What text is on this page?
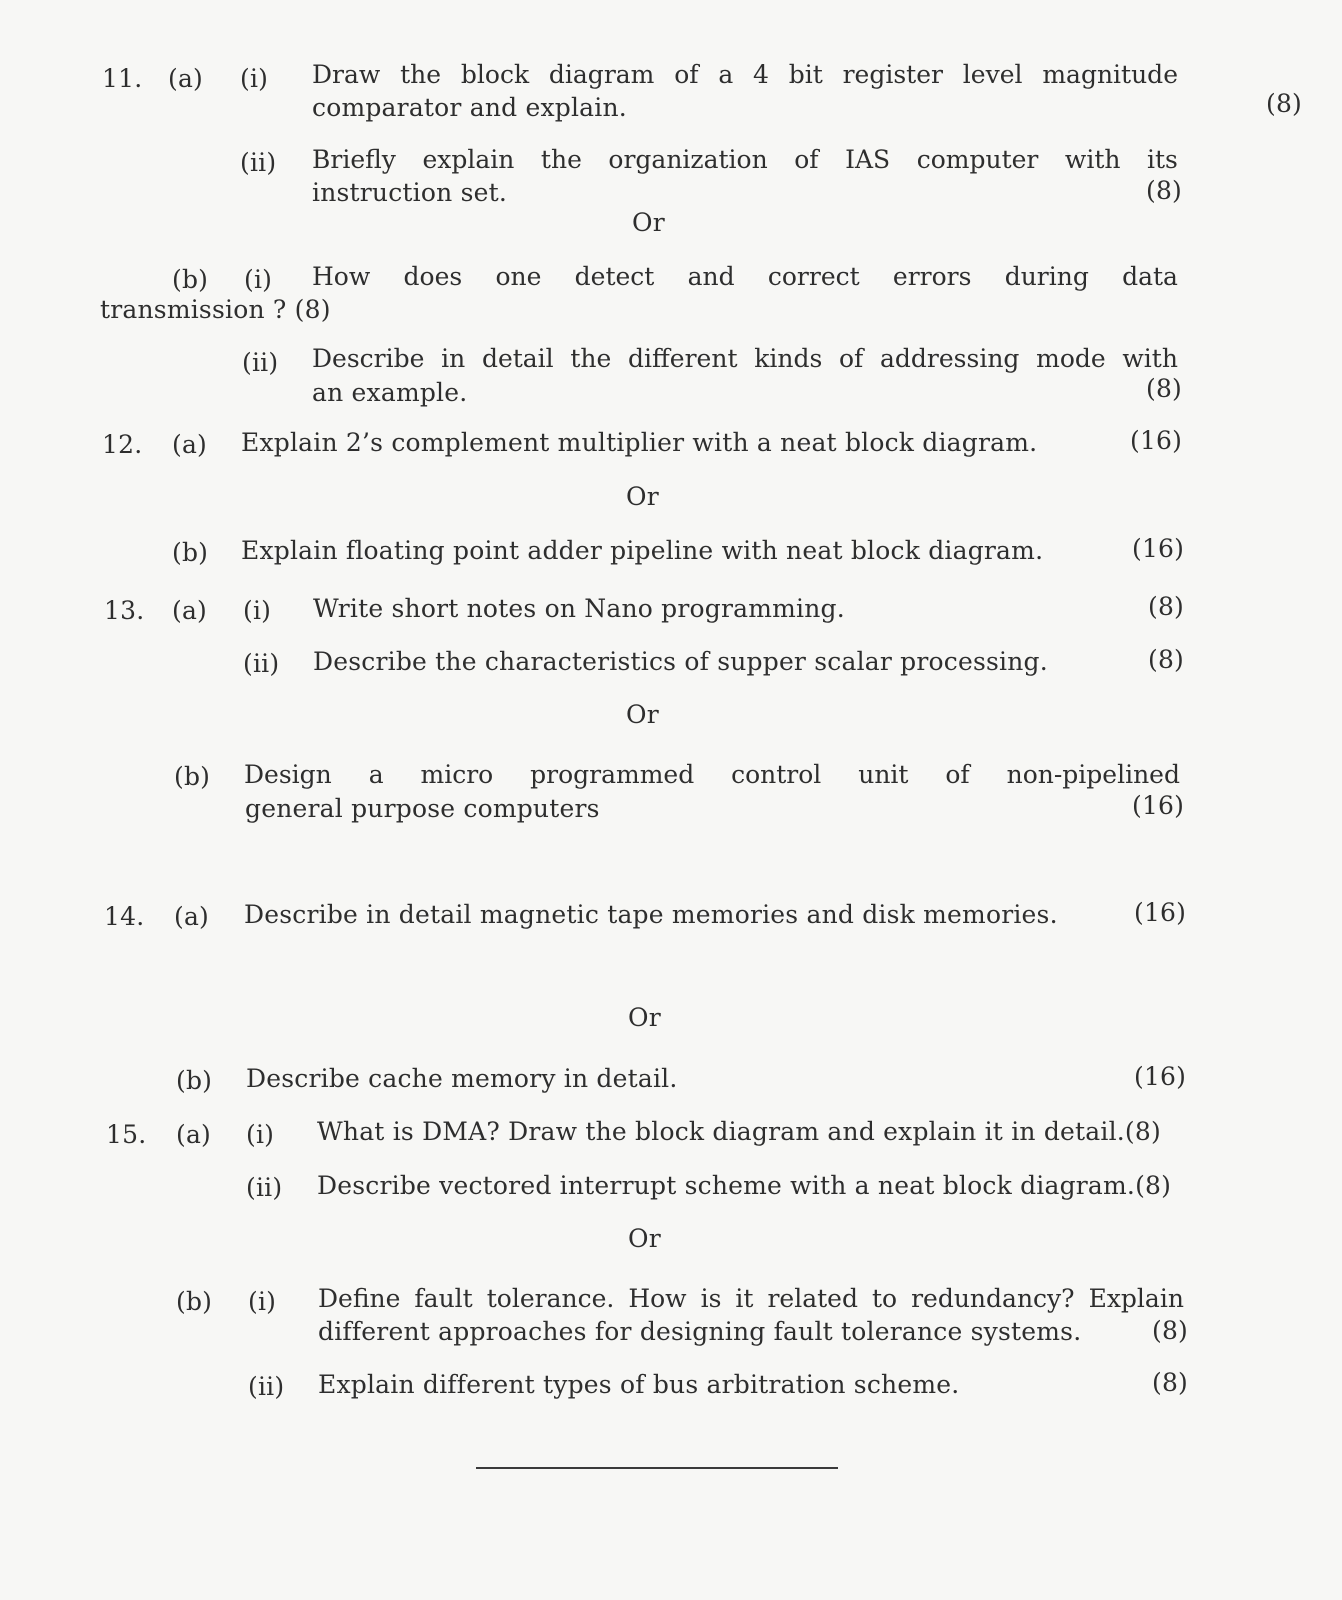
11. (a) (i) Draw the block diagram of a 4 bit register level magnitude
comparator and explain.	(8)
(ii) Briefly explain the organization of IAS computer with its
instruction set.	(8)
Or
(b) (i) How does one detect and correct errors during data
transmission ? (8)
(ii) Describe in detail the different kinds of addressing mode with
an example.	(8)
12. (a) Explain 2’s complement multiplier with a neat block diagram.	(16)
Or
(b) Explain floating point adder pipeline with neat block diagram.	(16)
13. (a) (i) Write short notes on Nano programming.	(8)
(ii) Describe the characteristics of supper scalar processing.	(8)
Or
(b) Design a micro programmed control unit of non-pipelined
general purpose computers	(16)
14. (a) Describe in detail magnetic tape memories and disk memories.	(16)
Or
(b) Describe cache memory in detail.	(16)
15. (a) (i) What is DMA? Draw the block diagram and explain it in detail.(8)
(ii) Describe vectored interrupt scheme with a neat block diagram.(8)
Or
(b) (i) Define fault tolerance. How is it related to redundancy? Explain
different approaches for designing fault tolerance systems.	(8)
(ii) Explain different types of bus arbitration scheme.	(8)
